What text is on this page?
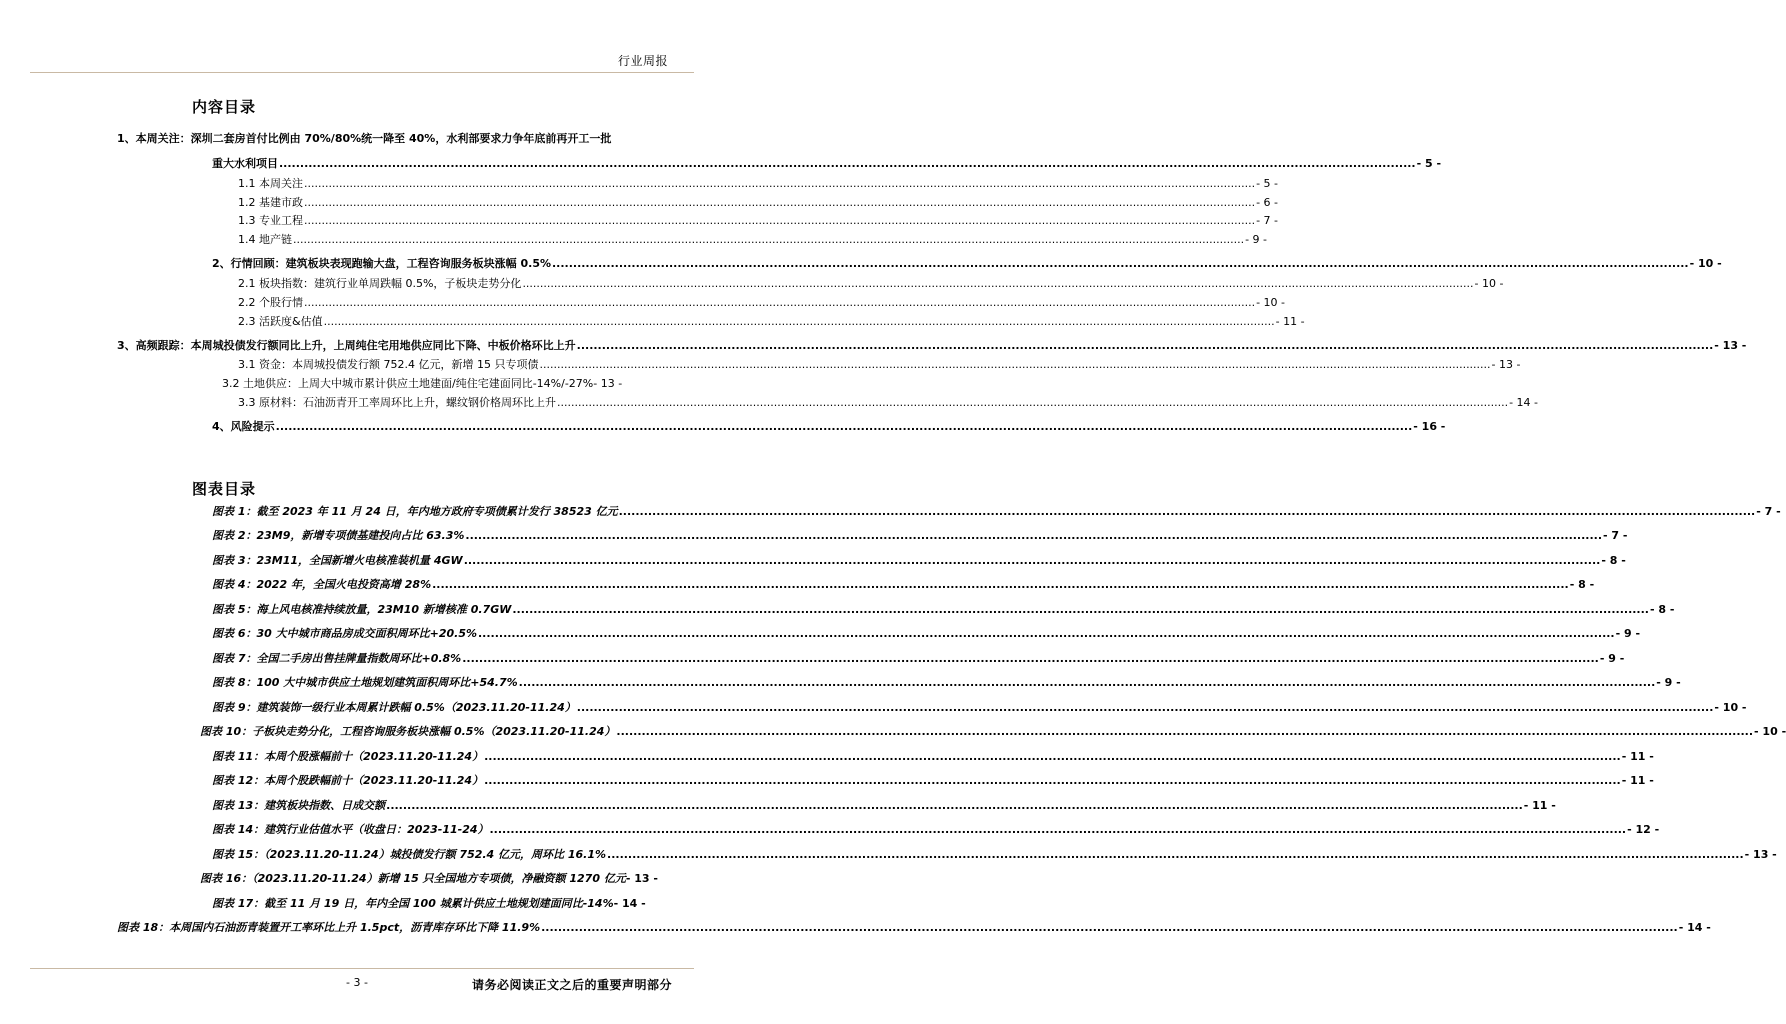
行业周报
内容目录
1、本周关注：深圳二套房首付比例由 70%/80%统一降至 40%，水利部要求力争年底前再开工一批
重大水利项目 .....	- 5 -
1.1 本周关注 .....	- 5 -
1.2 基建市政 .....	- 6 -
1.3 专业工程 .....	- 7 -
1.4 地产链 .....	- 9 -
2、行情回顾：建筑板块表现跑输大盘，工程咨询服务板块涨幅 0.5% .....	- 10 -
2.1 板块指数：建筑行业单周跌幅 0.5%，子板块走势分化 .....	- 10 -
2.2 个股行情 .....	- 10 -
2.3 活跃度&估值 .....	- 11 -
3、高频跟踪：本周城投债发行额同比上升，上周纯住宅用地供应同比下降、中板价格环比上升 .....	- 13 -
3.1 资金：本周城投债发行额 752.4 亿元，新增 15 只专项债 .....	- 13 -
3.2 土地供应：上周大中城市累计供应土地建面/纯住宅建面同比-14%/-27% - 13 -
3.3 原材料：石油沥青开工率周环比上升，螺纹钢价格周环比上升 .....	- 14 -
4、风险提示 .....	- 16 -
图表目录
图表 1：截至 2023 年 11 月 24 日，年内地方政府专项债累计发行 38523 亿元 .....	- 7 -
图表 2：23M9，新增专项债基建投向占比 63.3% .....	- 7 -
图表 3：23M11，全国新增火电核准装机量 4GW .....	- 8 -
图表 4：2022 年，全国火电投资高增 28% .....	- 8 -
图表 5：海上风电核准持续放量，23M10 新增核准 0.7GW .....	- 8 -
图表 6：30 大中城市商品房成交面积周环比+20.5% .....	- 9 -
图表 7：全国二手房出售挂牌量指数周环比+0.8% .....	- 9 -
图表 8：100 大中城市供应土地规划建筑面积周环比+54.7% .....	- 9 -
图表 9：建筑装饰一级行业本周累计跌幅 0.5%（2023.11.20-11.24） .....	- 10 -
图表 10：子板块走势分化，工程咨询服务板块涨幅 0.5%（2023.11.20-11.24） .....	- 10 -
图表 11：本周个股涨幅前十（2023.11.20-11.24） .....	- 11 -
图表 12：本周个股跌幅前十（2023.11.20-11.24） .....	- 11 -
图表 13：建筑板块指数、日成交额 .....	- 11 -
图表 14：建筑行业估值水平（收盘日：2023-11-24） .....	- 12 -
图表 15：（2023.11.20-11.24）城投债发行额 752.4 亿元，周环比 16.1% .....	- 13 -
图表 16：（2023.11.20-11.24）新增 15 只全国地方专项债，净融资额 1270 亿元 - 13 -
图表 17：截至 11 月 19 日，年内全国 100 城累计供应土地规划建面同比-14% - 14 -
图表 18：本周国内石油沥青装置开工率环比上升 1.5pct，沥青库存环比下降 11.9% .....	- 14 -
- 3 -	请务必阅读正文之后的重要声明部分
